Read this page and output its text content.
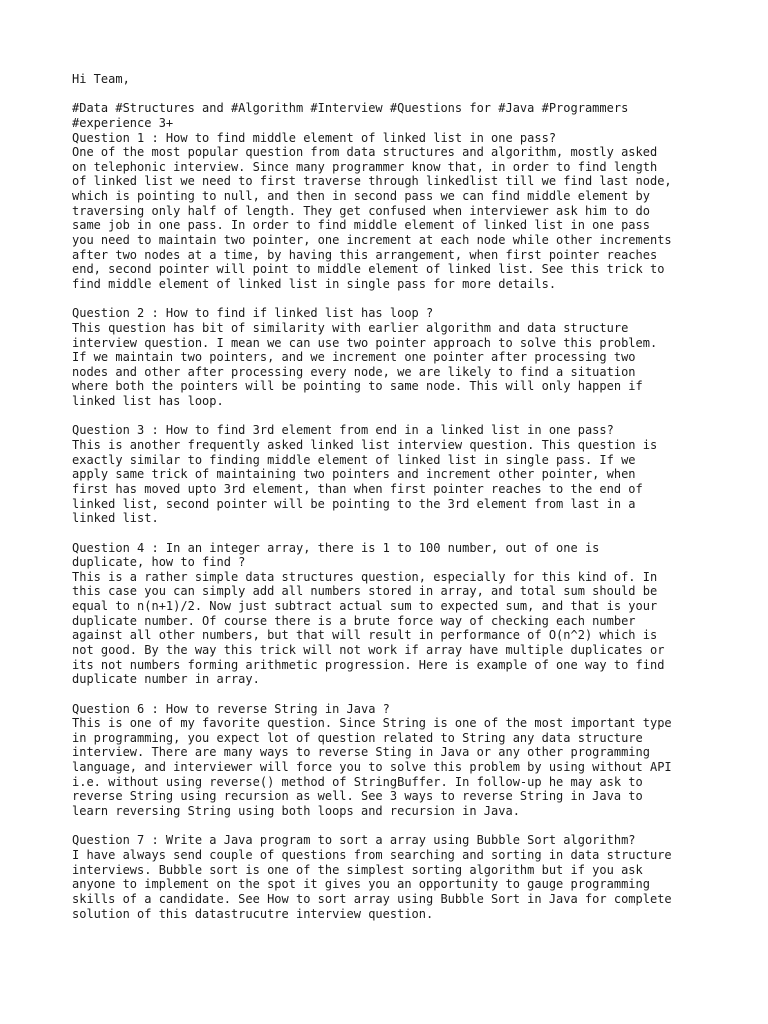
Hi Team,
#Data #Structures and #Algorithm #Interview #Questions for #Java #Programmers
#experience 3+
Question 1 : How to find middle element of linked list in one pass?
One of the most popular question from data structures and algorithm, mostly asked
on telephonic interview. Since many programmer know that, in order to find length
of linked list we need to first traverse through linkedlist till we find last node,
which is pointing to null, and then in second pass we can find middle element by
traversing only half of length. They get confused when interviewer ask him to do
same job in one pass. In order to find middle element of linked list in one pass
you need to maintain two pointer, one increment at each node while other increments
after two nodes at a time, by having this arrangement, when first pointer reaches
end, second pointer will point to middle element of linked list. See this trick to
find middle element of linked list in single pass for more details.
Question 2 : How to find if linked list has loop ?
This question has bit of similarity with earlier algorithm and data structure
interview question. I mean we can use two pointer approach to solve this problem.
If we maintain two pointers, and we increment one pointer after processing two
nodes and other after processing every node, we are likely to find a situation
where both the pointers will be pointing to same node. This will only happen if
linked list has loop.
Question 3 : How to find 3rd element from end in a linked list in one pass?
This is another frequently asked linked list interview question. This question is
exactly similar to finding middle element of linked list in single pass. If we
apply same trick of maintaining two pointers and increment other pointer, when
first has moved upto 3rd element, than when first pointer reaches to the end of
linked list, second pointer will be pointing to the 3rd element from last in a
linked list.
Question 4 : In an integer array, there is 1 to 100 number, out of one is
duplicate, how to find ?
This is a rather simple data structures question, especially for this kind of. In
this case you can simply add all numbers stored in array, and total sum should be
equal to n(n+1)/2. Now just subtract actual sum to expected sum, and that is your
duplicate number. Of course there is a brute force way of checking each number
against all other numbers, but that will result in performance of O(n^2) which is
not good. By the way this trick will not work if array have multiple duplicates or
its not numbers forming arithmetic progression. Here is example of one way to find
duplicate number in array.
Question 6 : How to reverse String in Java ?
This is one of my favorite question. Since String is one of the most important type
in programming, you expect lot of question related to String any data structure
interview. There are many ways to reverse Sting in Java or any other programming
language, and interviewer will force you to solve this problem by using without API
i.e. without using reverse() method of StringBuffer. In follow-up he may ask to
reverse String using recursion as well. See 3 ways to reverse String in Java to
learn reversing String using both loops and recursion in Java.
Question 7 : Write a Java program to sort a array using Bubble Sort algorithm?
I have always send couple of questions from searching and sorting in data structure
interviews. Bubble sort is one of the simplest sorting algorithm but if you ask
anyone to implement on the spot it gives you an opportunity to gauge programming
skills of a candidate. See How to sort array using Bubble Sort in Java for complete
solution of this datastrucutre interview question.
